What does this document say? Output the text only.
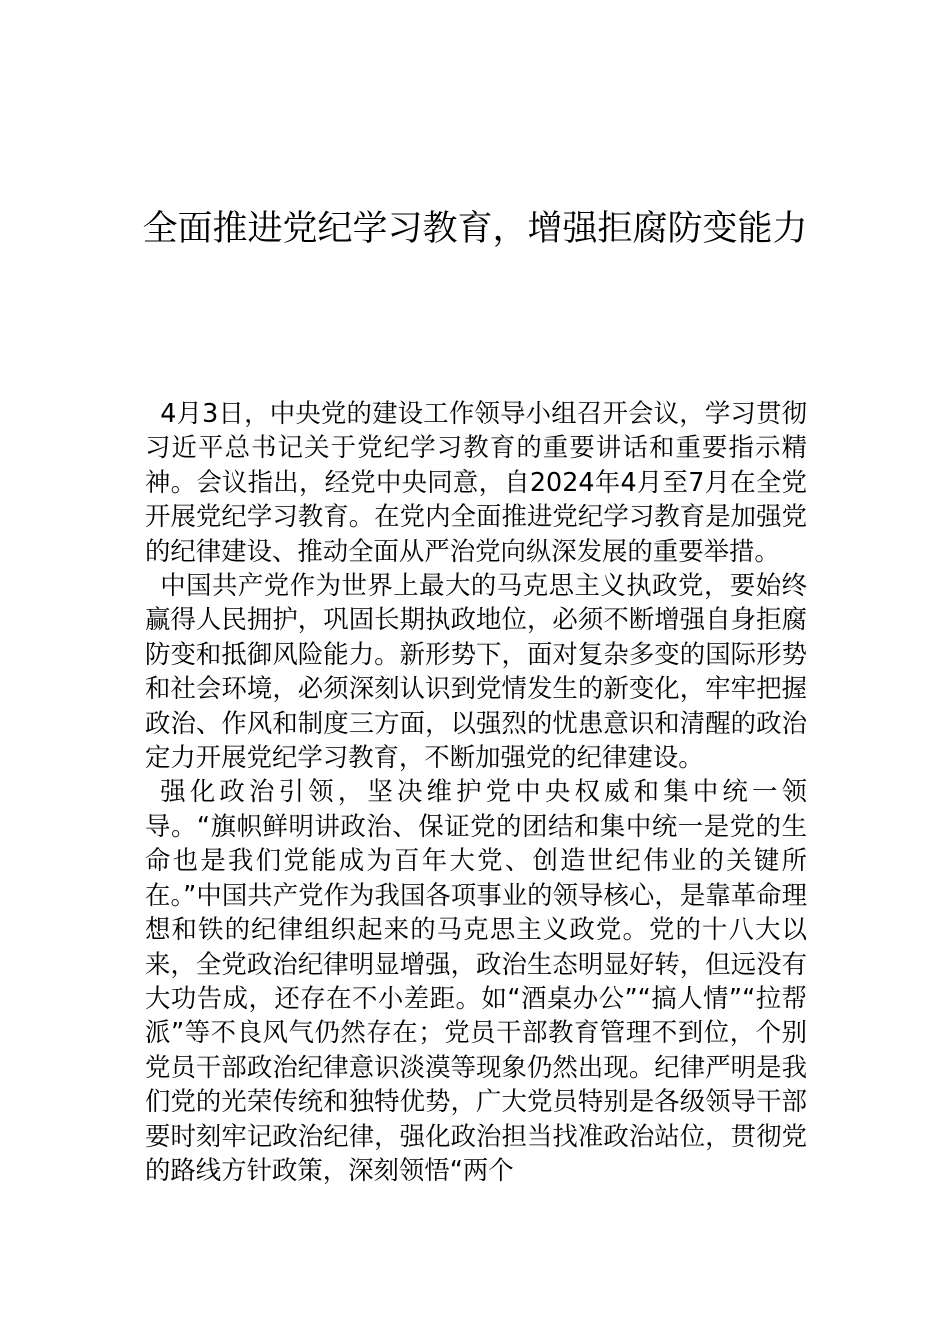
全面推进党纪学习教育，增强拒腐防变能力

4月3日，中央党的建设工作领导小组召开会议，学习贯彻习近平总书记关于党纪学习教育的重要讲话和重要指示精神。会议指出，经党中央同意，自2024年4月至7月在全党开展党纪学习教育。在党内全面推进党纪学习教育是加强党的纪律建设、推动全面从严治党向纵深发展的重要举措。

中国共产党作为世界上最大的马克思主义执政党，要始终赢得人民拥护，巩固长期执政地位，必须不断增强自身拒腐防变和抵御风险能力。新形势下，面对复杂多变的国际形势和社会环境，必须深刻认识到党情发生的新变化，牢牢把握政治、作风和制度三方面，以强烈的忧患意识和清醒的政治定力开展党纪学习教育，不断加强党的纪律建设。

强化政治引领，坚决维护党中央权威和集中统一领导。“旗帜鲜明讲政治、保证党的团结和集中统一是党的生命也是我们党能成为百年大党、创造世纪伟业的关键所在。”中国共产党作为我国各项事业的领导核心，是靠革命理想和铁的纪律组织起来的马克思主义政党。党的十八大以来，全党政治纪律明显增强，政治生态明显好转，但远没有大功告成，还存在不小差距。如“酒桌办公”“搞人情”“拉帮派”等不良风气仍然存在；党员干部教育管理不到位，个别党员干部政治纪律意识淡漠等现象仍然出现。纪律严明是我们党的光荣传统和独特优势，广大党员特别是各级领导干部要时刻牢记政治纪律，强化政治担当找准政治站位，贯彻党的路线方针政策，深刻领悟“两个
